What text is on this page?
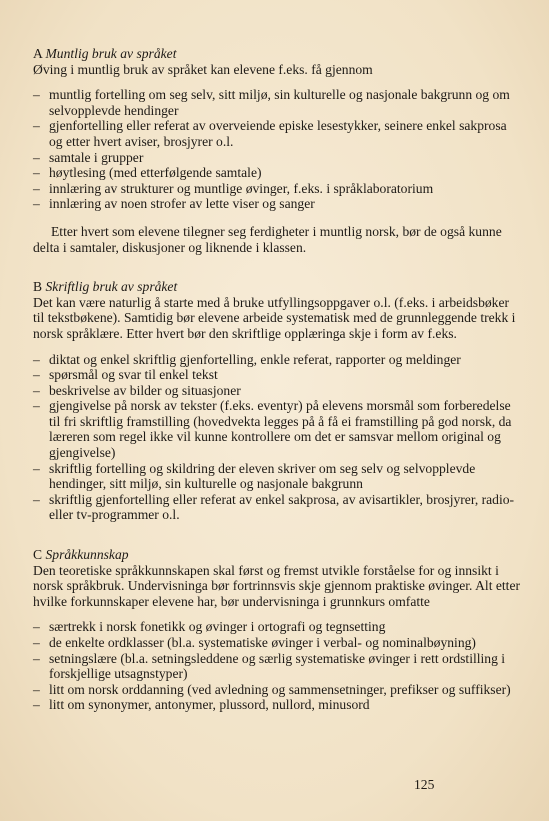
A Muntlig bruk av språket

Øving i muntlig bruk av språket kan elevene f.eks. få gjennom

– muntlig fortelling om seg selv, sitt miljø, sin kulturelle og nasjonale bakgrunn og om selvopplevde hendinger
– gjenfortelling eller referat av overveiende episke lesestykker, seinere enkel sakprosa og etter hvert aviser, brosjyrer o.l.
– samtale i grupper
– høytlesing (med etterfølgende samtale)
– innlæring av strukturer og muntlige øvinger, f.eks. i språklaboratorium
– innlæring av noen strofer av lette viser og sanger

Etter hvert som elevene tilegner seg ferdigheter i muntlig norsk, bør de også kunne delta i samtaler, diskusjoner og liknende i klassen.

B Skriftlig bruk av språket

Det kan være naturlig å starte med å bruke utfyllingsoppgaver o.l. (f.eks. i arbeidsbøker til tekstbøkene). Samtidig bør elevene arbeide systematisk med de grunnleggende trekk i norsk språklære. Etter hvert bør den skriftlige opplæringa skje i form av f.eks.

– diktat og enkel skriftlig gjenfortelling, enkle referat, rapporter og meldinger
– spørsmål og svar til enkel tekst
– beskrivelse av bilder og situasjoner
– gjengivelse på norsk av tekster (f.eks. eventyr) på elevens morsmål som forberedelse til fri skriftlig framstilling (hovedvekta legges på å få ei framstilling på god norsk, da læreren som regel ikke vil kunne kontrollere om det er samsvar mellom original og gjengivelse)
– skriftlig fortelling og skildring der eleven skriver om seg selv og selvopplevde hendinger, sitt miljø, sin kulturelle og nasjonale bakgrunn
– skriftlig gjenfortelling eller referat av enkel sakprosa, av avisartikler, brosjyrer, radio- eller tv-programmer o.l.

C Språkkunnskap

Den teoretiske språkkunnskapen skal først og fremst utvikle forståelse for og innsikt i norsk språkbruk. Undervisninga bør fortrinnsvis skje gjennom praktiske øvinger. Alt etter hvilke forkunnskaper elevene har, bør undervisninga i grunnkurs omfatte

– særtrekk i norsk fonetikk og øvinger i ortografi og tegnsetting
– de enkelte ordklasser (bl.a. systematiske øvinger i verbal- og nominalbøyning)
– setningslære (bl.a. setningsleddene og særlig systematiske øvinger i rett ordstilling i forskjellige utsagnstyper)
– litt om norsk orddanning (ved avledning og sammensetninger, prefikser og suffikser)
– litt om synonymer, antonymer, plussord, nullord, minusord
125
